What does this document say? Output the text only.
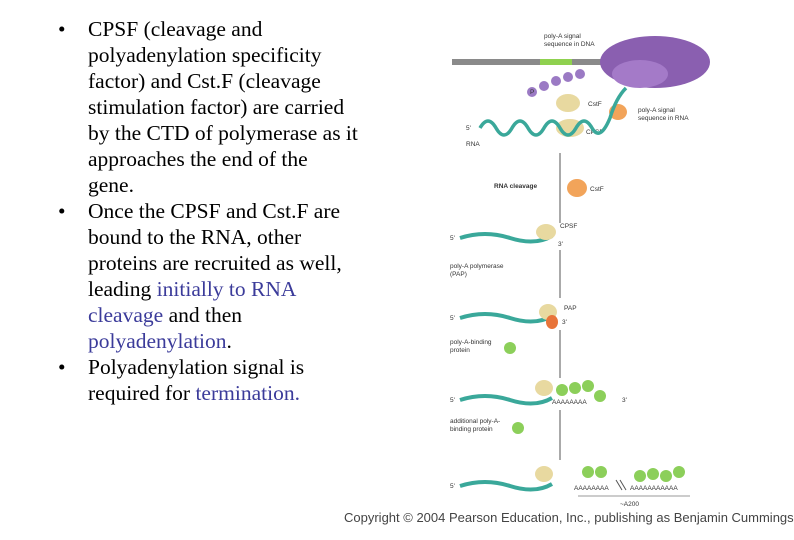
• CPSF (cleavage and polyadenylation specificity factor) and Cst.F (cleavage stimulation factor) are carried by the CTD of polymerase as it approaches the end of the gene.
• Once the CPSF and Cst.F are bound to the RNA, other proteins are recruited as well, leading initially to RNA cleavage and then polyadenylation.
• Polyadenylation signal is required for termination.
poly-A signal
sequence in DNA
P
CstF
CPSF
5'
RNA
poly-A signal
sequence in RNA
RNA cleavage	CstF
CPSF
5'
3'
poly-A polymerase
(PAP)
PAP
5'
3'
poly-A-binding
protein
AAAAAAAA
5'	3'
additional poly-A-
binding protein
AAAAAAAA	AAAAAAAAAAA
~A200
5'
Copyright © 2004 Pearson Education, Inc., publishing as Benjamin Cummings
